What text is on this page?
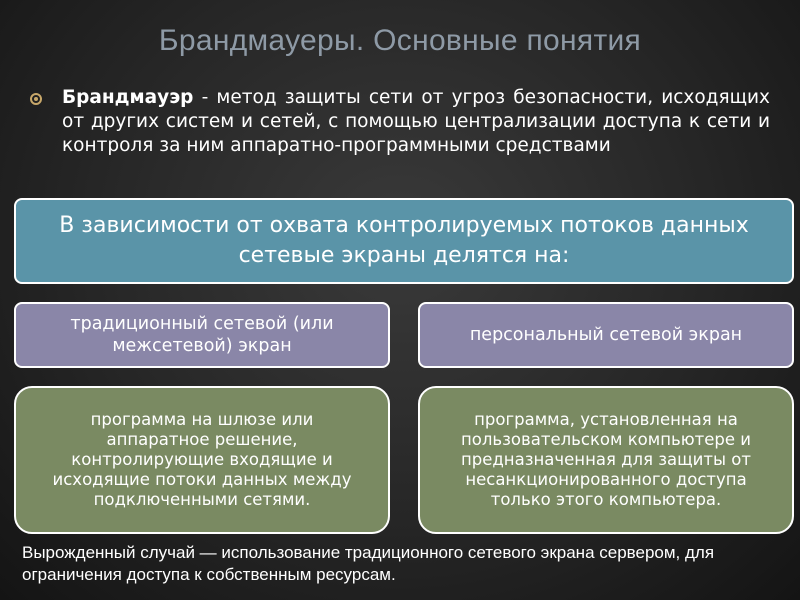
Брандмауеры. Основные понятия
Брандмауэр - метод защиты сети от угроз безопасности, исходящих от других систем и сетей, с помощью централизации доступа к сети и контроля за ним аппаратно-программными средствами
В зависимости от охвата контролируемых потоков данных сетевые экраны делятся на:
традиционный сетевой (или межсетевой) экран
персональный сетевой экран
программа на шлюзе или аппаратное решение, контролирующие входящие и исходящие потоки данных между подключенными сетями.
программа, установленная на пользовательском компьютере и предназначенная для защиты от несанкционированного доступа только этого компьютера.
Вырожденный случай — использование традиционного сетевого экрана сервером, для ограничения доступа к собственным ресурсам.
